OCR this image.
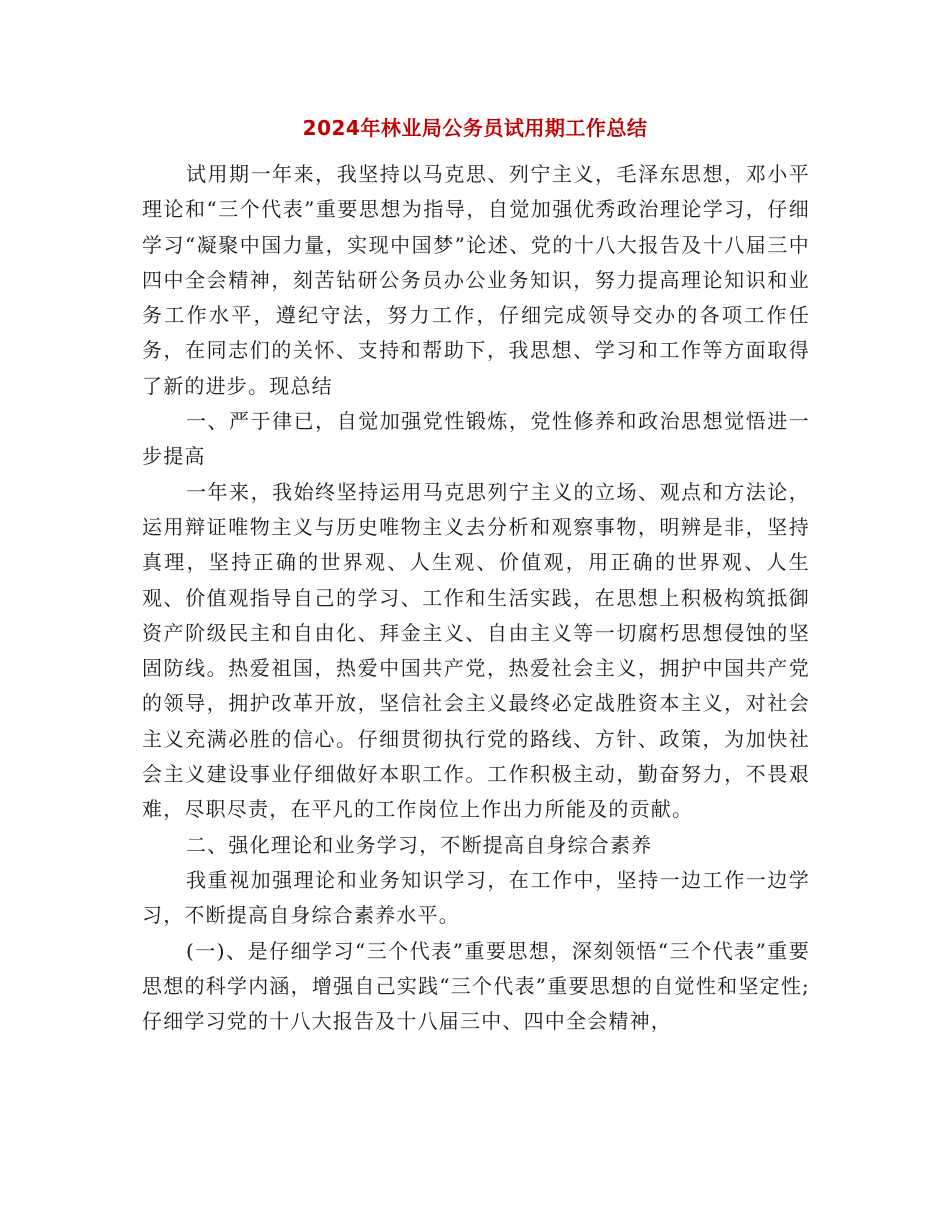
2024年林业局公务员试用期工作总结

试用期一年来，我坚持以马克思、列宁主义，毛泽东思想，邓小平理论和“三个代表”重要思想为指导，自觉加强优秀政治理论学习，仔细学习“凝聚中国力量，实现中国梦”论述、党的十八大报告及十八届三中四中全会精神，刻苦钻研公务员办公业务知识，努力提高理论知识和业务工作水平，遵纪守法，努力工作，仔细完成领导交办的各项工作任务，在同志们的关怀、支持和帮助下，我思想、学习和工作等方面取得了新的进步。现总结

一、严于律已，自觉加强党性锻炼，党性修养和政治思想觉悟进一步提高

一年来，我始终坚持运用马克思列宁主义的立场、观点和方法论，运用辩证唯物主义与历史唯物主义去分析和观察事物，明辨是非，坚持真理，坚持正确的世界观、人生观、价值观，用正确的世界观、人生观、价值观指导自己的学习、工作和生活实践，在思想上积极构筑抵御资产阶级民主和自由化、拜金主义、自由主义等一切腐朽思想侵蚀的坚固防线。热爱祖国，热爱中国共产党，热爱社会主义，拥护中国共产党的领导，拥护改革开放，坚信社会主义最终必定战胜资本主义，对社会主义充满必胜的信心。仔细贯彻执行党的路线、方针、政策，为加快社会主义建设事业仔细做好本职工作。工作积极主动，勤奋努力，不畏艰难，尽职尽责，在平凡的工作岗位上作出力所能及的贡献。

二、强化理论和业务学习，不断提高自身综合素养

我重视加强理论和业务知识学习，在工作中，坚持一边工作一边学习，不断提高自身综合素养水平。

(一)、是仔细学习“三个代表”重要思想，深刻领悟“三个代表”重要思想的科学内涵，增强自己实践“三个代表”重要思想的自觉性和坚定性;仔细学习党的十八大报告及十八届三中、四中全会精神，
